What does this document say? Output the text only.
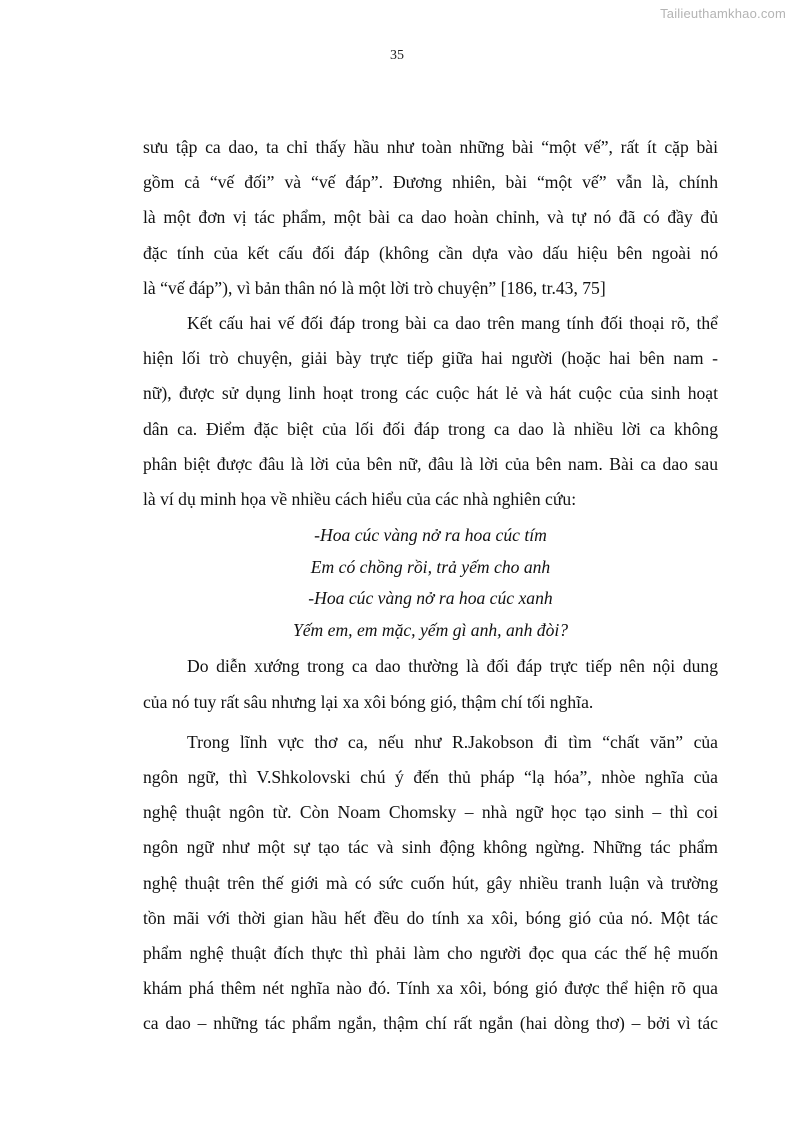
Tailieuthamkhao.com
35
sưu tập ca dao, ta chỉ thấy hầu như toàn những bài “một vế”, rất ít cặp bài
gồm cả “vế đối” và “vế đáp”. Đương nhiên, bài “một vế” vẫn là, chính
là một đơn vị tác phẩm, một bài ca dao hoàn chỉnh, và tự nó đã có đầy đủ
đặc tính của kết cấu đối đáp (không cần dựa vào dấu hiệu bên ngoài nó
là “vế đáp”), vì bản thân nó là một lời trò chuyện” [186, tr.43, 75]
Kết cấu hai vế đối đáp trong bài ca dao trên mang tính đối thoại rõ, thể
hiện lối trò chuyện, giải bày trực tiếp giữa hai người (hoặc hai bên nam -
nữ), được sử dụng linh hoạt trong các cuộc hát lẻ và hát cuộc của sinh hoạt
dân ca. Điểm đặc biệt của lối đối đáp trong ca dao là nhiều lời ca không
phân biệt được đâu là lời của bên nữ, đâu là lời của bên nam. Bài ca dao sau
là ví dụ minh họa về nhiều cách hiểu của các nhà nghiên cứu:
-Hoa cúc vàng nở ra hoa cúc tím
Em có chồng rồi, trả yếm cho anh
-Hoa cúc vàng nở ra hoa cúc xanh
Yếm em, em mặc, yếm gì anh, anh đòi?
Do diễn xướng trong ca dao thường là đối đáp trực tiếp nên nội dung
của nó tuy rất sâu nhưng lại xa xôi bóng gió, thậm chí tối nghĩa.
Trong lĩnh vực thơ ca, nếu như R.Jakobson đi tìm “chất văn” của
ngôn ngữ, thì V.Shkolovski chú ý đến thủ pháp “lạ hóa”, nhòe nghĩa của
nghệ thuật ngôn từ. Còn Noam Chomsky – nhà ngữ học tạo sinh – thì coi
ngôn ngữ như một sự tạo tác và sinh động không ngừng. Những tác phẩm
nghệ thuật trên thế giới mà có sức cuốn hút, gây nhiều tranh luận và trường
tồn mãi với thời gian hầu hết đều do tính xa xôi, bóng gió của nó. Một tác
phẩm nghệ thuật đích thực thì phải làm cho người đọc qua các thế hệ muốn
khám phá thêm nét nghĩa nào đó. Tính xa xôi, bóng gió được thể hiện rõ qua
ca dao – những tác phẩm ngắn, thậm chí rất ngắn (hai dòng thơ) – bởi vì tác
